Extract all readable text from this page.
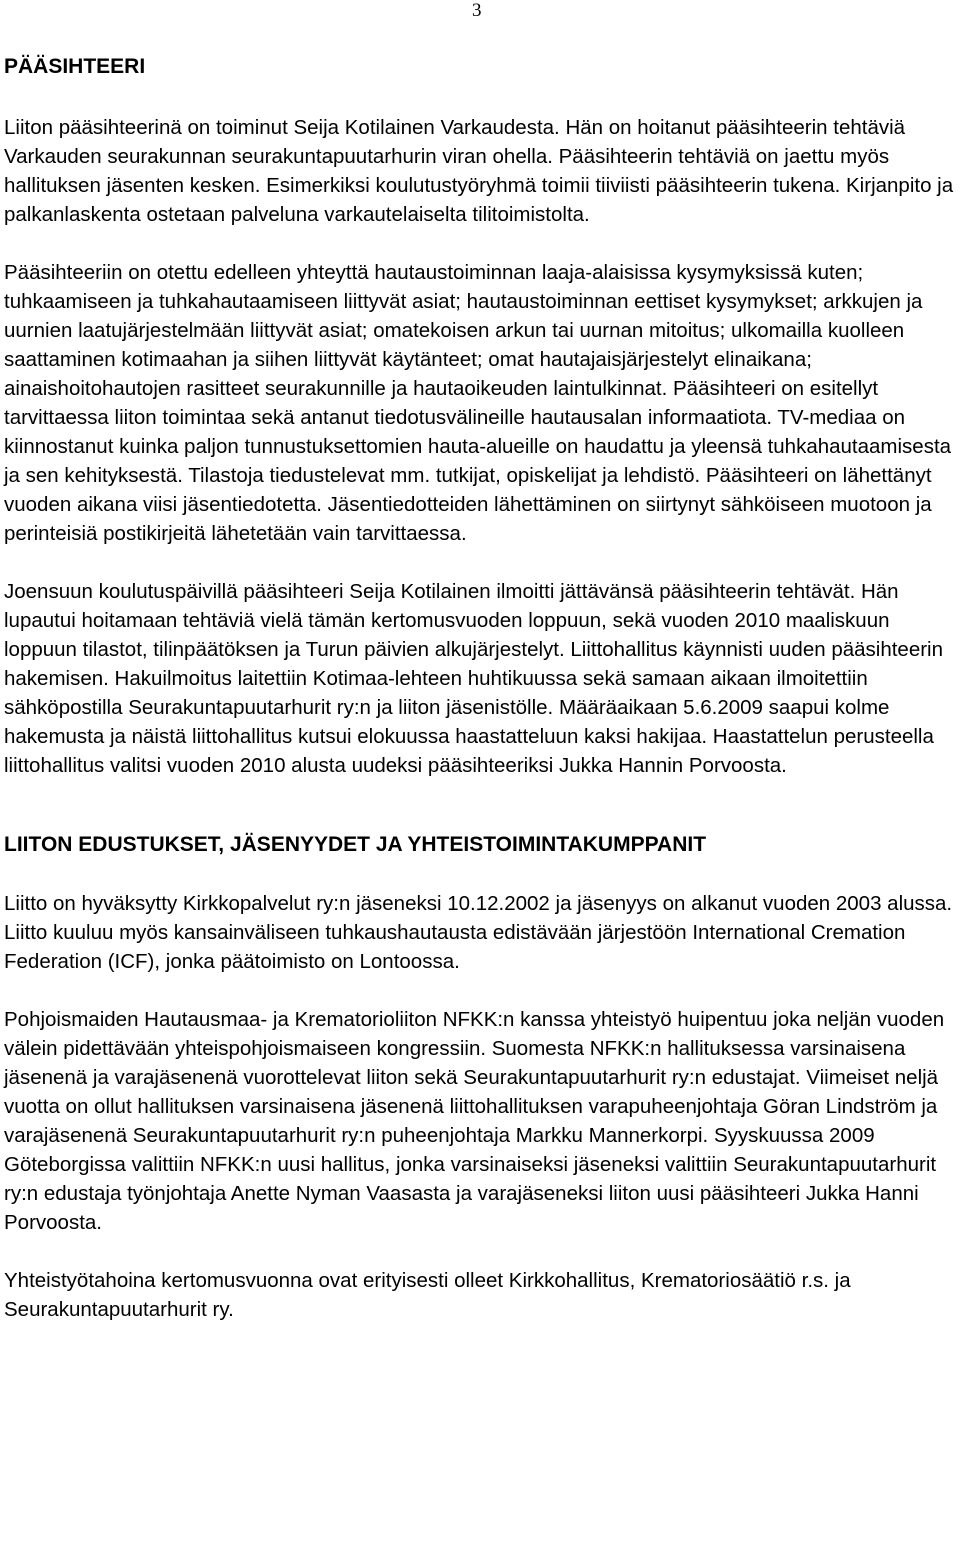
3
PÄÄSIHTEERI

Liiton pääsihteerinä on toiminut Seija Kotilainen Varkaudesta. Hän on hoitanut pääsihteerin tehtäviä Varkauden seurakunnan seurakuntapuutarhurin viran ohella. Pääsihteerin tehtäviä on jaettu myös hallituksen jäsenten kesken. Esimerkiksi koulutustyöryhmä toimii tiiviisti pääsihteerin tukena. Kirjanpito ja palkanlaskenta ostetaan palveluna varkautelaiselta tilitoimistolta.

Pääsihteeriin on otettu edelleen yhteyttä hautaustoiminnan laaja-alaisissa kysymyksissä kuten; tuhkaamiseen ja tuhkahautaamiseen liittyvät asiat; hautaustoiminnan eettiset kysymykset; arkkujen ja uurnien laatujärjestelmään liittyvät asiat; omatekoisen arkun tai uurnan mitoitus; ulkomailla kuolleen saattaminen kotimaahan ja siihen liittyvät käytänteet; omat hautajaisjärjestelyt elinaikana; ainaishoitohautojen rasitteet seurakunnille ja hautaoikeuden laintulkinnat. Pääsihteeri on esitellyt tarvittaessa liiton toimintaa sekä antanut tiedotusvälineille hautausalan informaatiota. TV-mediaa on kiinnostanut kuinka paljon tunnustuksettomien hauta-alueille on haudattu ja yleensä tuhkahautaamisesta ja sen kehityksestä. Tilastoja tiedustelevat mm. tutkijat, opiskelijat ja lehdistö. Pääsihteeri on lähettänyt vuoden aikana viisi jäsentiedotetta. Jäsentiedotteiden lähettäminen on siirtynyt sähköiseen muotoon ja perinteisiä postikirjeitä lähetetään vain tarvittaessa.

Joensuun koulutuspäivillä pääsihteeri Seija Kotilainen ilmoitti jättävänsä pääsihteerin tehtävät. Hän lupautui hoitamaan tehtäviä vielä tämän kertomusvuoden loppuun, sekä vuoden 2010 maaliskuun loppuun tilastot, tilinpäätöksen ja Turun päivien alkujärjestelyt. Liittohallitus käynnisti uuden pääsihteerin hakemisen. Hakuilmoitus laitettiin Kotimaa-lehteen huhtikuussa sekä samaan aikaan ilmoitettiin sähköpostilla Seurakuntapuutarhurit ry:n ja liiton jäsenistölle. Määräaikaan 5.6.2009 saapui kolme hakemusta ja näistä liittohallitus kutsui elokuussa haastatteluun kaksi hakijaa. Haastattelun perusteella liittohallitus valitsi vuoden 2010 alusta uudeksi pääsihteeriksi Jukka Hannin Porvoosta.

LIITON EDUSTUKSET, JÄSENYYDET JA YHTEISTOIMINTAKUMPPANIT

Liitto on hyväksytty Kirkkopalvelut ry:n jäseneksi 10.12.2002 ja jäsenyys on alkanut vuoden 2003 alussa.

Liitto kuuluu myös kansainväliseen tuhkaushautausta edistävään järjestöön International Cremation Federation (ICF), jonka päätoimisto on Lontoossa.

Pohjoismaiden Hautausmaa- ja Krematorioliiton NFKK:n kanssa yhteistyö huipentuu joka neljän vuoden välein pidettävään yhteispohjoismaiseen kongressiin. Suomesta NFKK:n hallituksessa varsinaisena jäsenenä ja varajäsenenä vuorottelevat liiton sekä Seurakuntapuutarhurit ry:n edustajat. Viimeiset neljä vuotta on ollut hallituksen varsinaisena jäsenenä liittohallituksen varapuheenjohtaja Göran Lindström ja varajäsenenä Seurakuntapuutarhurit ry:n puheenjohtaja Markku Mannerkorpi. Syyskuussa 2009 Göteborgissa valittiin NFKK:n uusi hallitus, jonka varsinaiseksi jäseneksi valittiin Seurakuntapuutarhurit ry:n edustaja työnjohtaja Anette Nyman Vaasasta ja varajäseneksi liiton uusi pääsihteeri Jukka Hanni Porvoosta.

Yhteistyötahoina kertomusvuonna ovat erityisesti olleet Kirkkohallitus, Krematoriosäätiö r.s. ja Seurakuntapuutarhurit ry.
